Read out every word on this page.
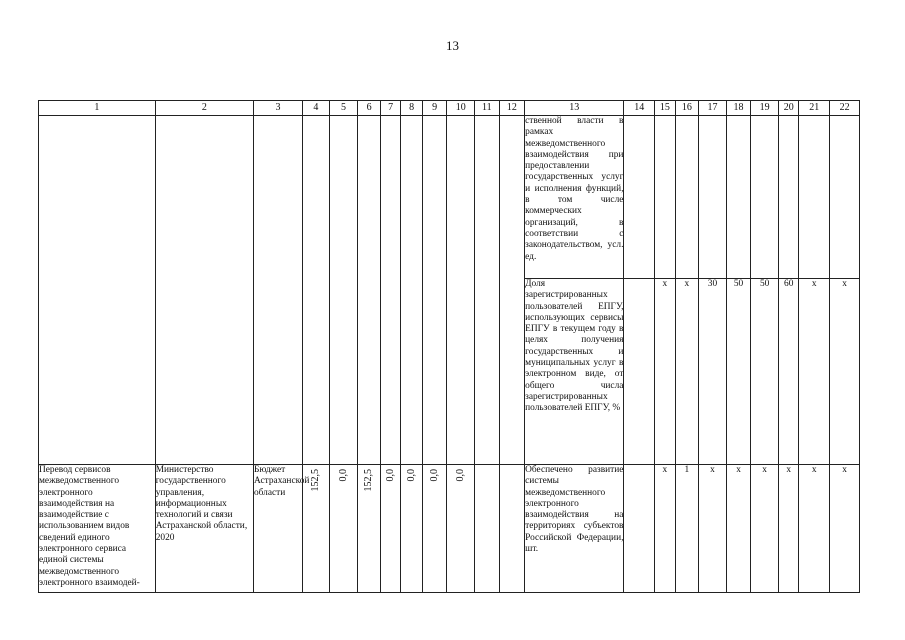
13
1	2	3	4	5	6	7	8	9	10	11	12	13	14	15	16	17	18	19	20	21	22
												ственной власти в рамках межведомственного взаимодействия при предоставлении государственных услуг и исполнения функций, в том числе коммерческих организаций, в соответствии с законодательством, усл. ед.									
												Доля зарегистрированных пользователей ЕПГУ, использующих сервисы ЕПГУ в текущем году в целях получения государственных и муниципальных услуг в электронном виде, от общего числа зарегистрированных пользователей ЕПГУ, %		x	x	30	50	50	60	x	x
Перевод сервисов межведомственного электронного взаимодействия на взаимодействие с использованием видов сведений единого электронного сервиса единой системы межведомственного электронного взаимодей-	Министерство государственного управления, информационных технологий и связи Астраханской области, 2020	Бюджет Астраханской области	152,5	0,0	152,5	0,0	0,0	0,0	0,0			Обеспечено развитие системы межведомственного электронного взаимодействия на территориях субъектов Российской Федерации, шт.		x	1	x	x	x	x	x	x
